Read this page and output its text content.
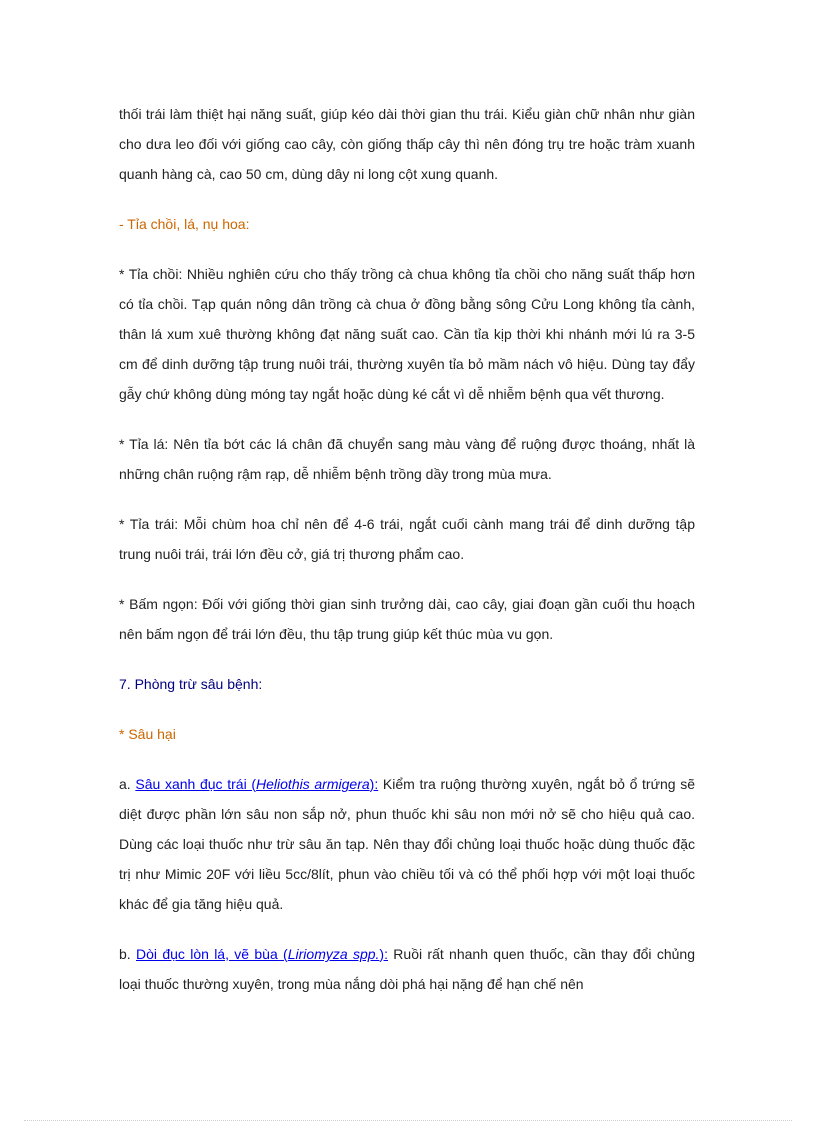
thối trái làm thiệt hại năng suất, giúp kéo dài thời gian thu trái. Kiểu giàn chữ nhân như giàn cho dưa leo đối với giống cao cây, còn giống thấp cây thì nên đóng trụ tre hoặc tràm xuanh quanh hàng cà, cao 50 cm, dùng dây ni long cột xung quanh.

- Tỉa chồi, lá, nụ hoa:

* Tỉa chồi: Nhiều nghiên cứu cho thấy trồng cà chua không tỉa chồi cho năng suất thấp hơn có tỉa chồi. Tạp quán nông dân trồng cà chua ở đồng bằng sông Cửu Long không tỉa cành, thân lá xum xuê thường không đạt năng suất cao. Cần tỉa kịp thời khi nhánh mới lú ra 3-5 cm để dinh dưỡng tập trung nuôi trái, thường xuyên tỉa bỏ mầm nách vô hiệu. Dùng tay đẩy gẫy chứ không dùng móng tay ngắt hoặc dùng ké cắt vì dễ nhiễm bệnh qua vết thương.

* Tỉa lá: Nên tỉa bớt các lá chân đã chuyển sang màu vàng để ruộng được thoáng, nhất là những chân ruộng rậm rạp, dễ nhiễm bệnh trồng dầy trong mùa mưa.

* Tỉa trái: Mỗi chùm hoa chỉ nên để 4-6 trái, ngắt cuối cành mang trái để dinh dưỡng tập trung nuôi trái, trái lớn đều cở, giá trị thương phẩm cao.

* Bấm ngọn: Đối với giống thời gian sinh trưởng dài, cao cây, giai đoạn gần cuối thu hoạch nên bấm ngọn để trái lớn đều, thu tập trung giúp kết thúc mùa vu gọn.

7. Phòng trừ sâu bệnh:

* Sâu hại

a. Sâu xanh đục trái (Heliothis armigera): Kiểm tra ruộng thường xuyên, ngắt bỏ ổ trứng sẽ diệt được phần lớn sâu non sắp nở, phun thuốc khi sâu non mới nở sẽ cho hiệu quả cao. Dùng các loại thuốc như trừ sâu ăn tạp. Nên thay đổi chủng loại thuốc hoặc dùng thuốc đặc trị như Mimic 20F với liều 5cc/8lít, phun vào chiều tối và có thể phối hợp với một loại thuốc khác để gia tăng hiệu quả.

b. Dòi đục lòn lá, vẽ bùa (Liriomyza spp.): Ruồi rất nhanh quen thuốc, cần thay đổi chủng loại thuốc thường xuyên, trong mùa nắng dòi phá hại nặng để hạn chế nên
